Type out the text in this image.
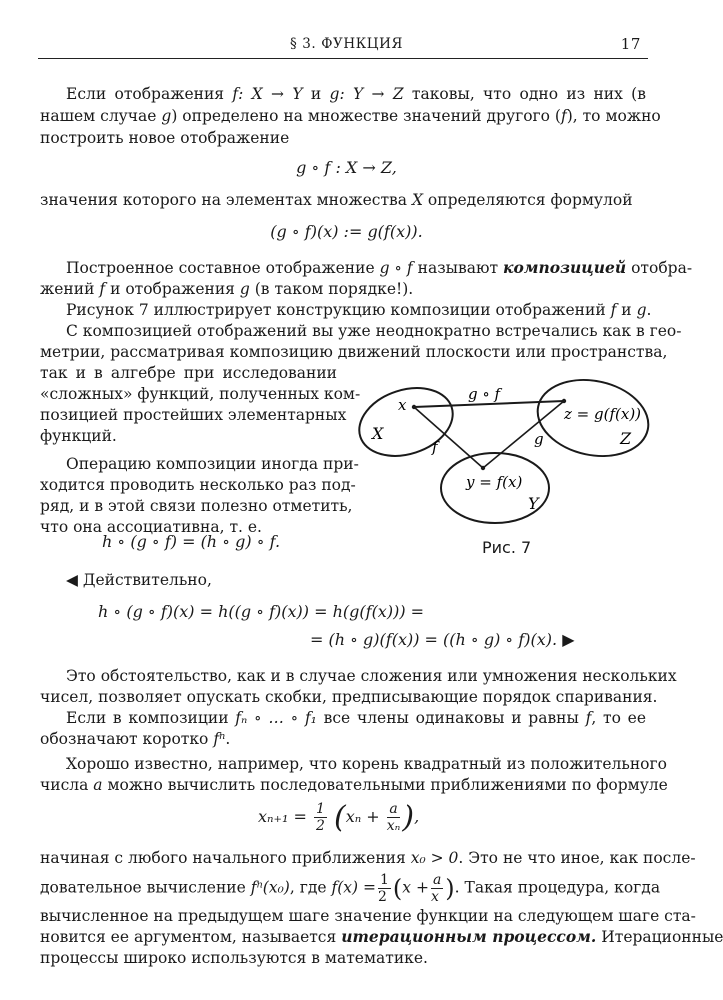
§ 3. ФУНКЦИЯ	17
Если отображения f: X → Y и g: Y → Z таковы, что одно из них (в
нашем случае g) определено на множестве значений другого (f), то можно
построить новое отображение
g ∘ f : X → Z,
значения которого на элементах множества X определяются формулой
(g ∘ f)(x) := g(f(x)).
Построенное составное отображение g ∘ f называют композицией отобра-
жений f и отображения g (в таком порядке!).
Рисунок 7 иллюстрирует конструкцию композиции отображений f и g.
С композицией отображений вы уже неоднократно встречались как в гео-
метрии, рассматривая композицию движений плоскости или пространства,
так и в алгебре при исследовании
«сложных» функций, полученных ком-
позицией простейших элементарных
функций.
Операцию композиции иногда при-
ходится проводить несколько раз под-
ряд, и в этой связи полезно отметить,
что она ассоциативна, т. е.
h ∘ (g ∘ f) = (h ∘ g) ∘ f.
g ∘ f
x	z = g(f(x))
y = f(x)
X	Z
Y
f	g
Рис. 7
◀ Действительно,
h ∘ (g ∘ f)(x) = h((g ∘ f)(x)) = h(g(f(x))) =
= (h ∘ g)(f(x)) = ((h ∘ g) ∘ f)(x). ▶
Это обстоятельство, как и в случае сложения или умножения нескольких
чисел, позволяет опускать скобки, предписывающие порядок спаривания.
Если в композиции fₙ ∘ … ∘ f₁ все члены одинаковы и равны f, то ее
обозначают коротко fⁿ.
Хорошо известно, например, что корень квадратный из положительного
числа a можно вычислить последовательными приближениями по формуле
$x_{n+1} = \frac{1}{2} (x_n + \frac{a}{\text{xₙ}}$ ),
начиная с любого начального приближения x₀ > 0. Это не что иное, как после-
довательное вычисление fⁿ(x₀), где $f(x) = \frac{1}{2} (x + \frac{a}{x}$ ). Такая процедура, когда
вычисленное на предыдущем шаге значение функции на следующем шаге ста-
новится ее аргументом, называется итерационным процессом. Итерационные
процессы широко используются в математике.
